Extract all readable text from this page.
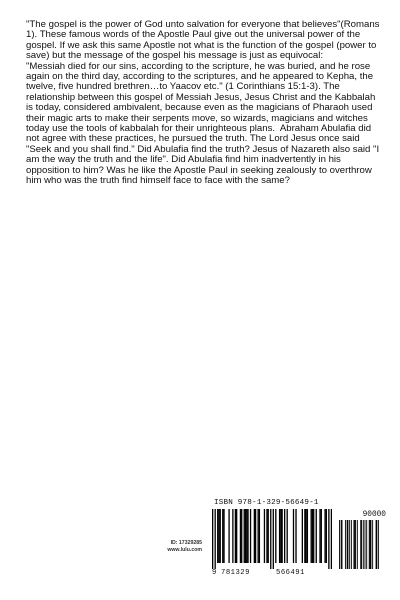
"The gospel is the power of God unto salvation for everyone that believes"(Romans 1). These famous words of the Apostle Paul give out the universal power of the gospel. If we ask this same Apostle not what is the function of the gospel (power to save) but the message of the gospel his message is just as equivocal:
"Messiah died for our sins, according to the scripture, he was buried, and he rose again on the third day, according to the scriptures, and he appeared to Kepha, the twelve, five hundred brethren…to Yaacov etc." (1 Corinthians 15:1-3). The relationship between this gospel of Messiah Jesus, Jesus Christ and the Kabbalah is today, considered ambivalent, because even as the magicians of Pharaoh used their magic arts to make their serpents move, so wizards, magicians and witches today use the tools of kabbalah for their unrighteous plans.  Abraham Abulafia did not agree with these practices, he pursued the truth. The Lord Jesus once said "Seek and you shall find." Did Abulafia find the truth? Jesus of Nazareth also said "I am the way the truth and the life". Did Abulafia find him inadvertently in his opposition to him? Was he like the Apostle Paul in seeking zealously to overthrow him who was the truth find himself face to face with the same?

ID: 17329285
www.lulu.com
ISBN 978-1-329-56649-1
90000
9 781329	566491
